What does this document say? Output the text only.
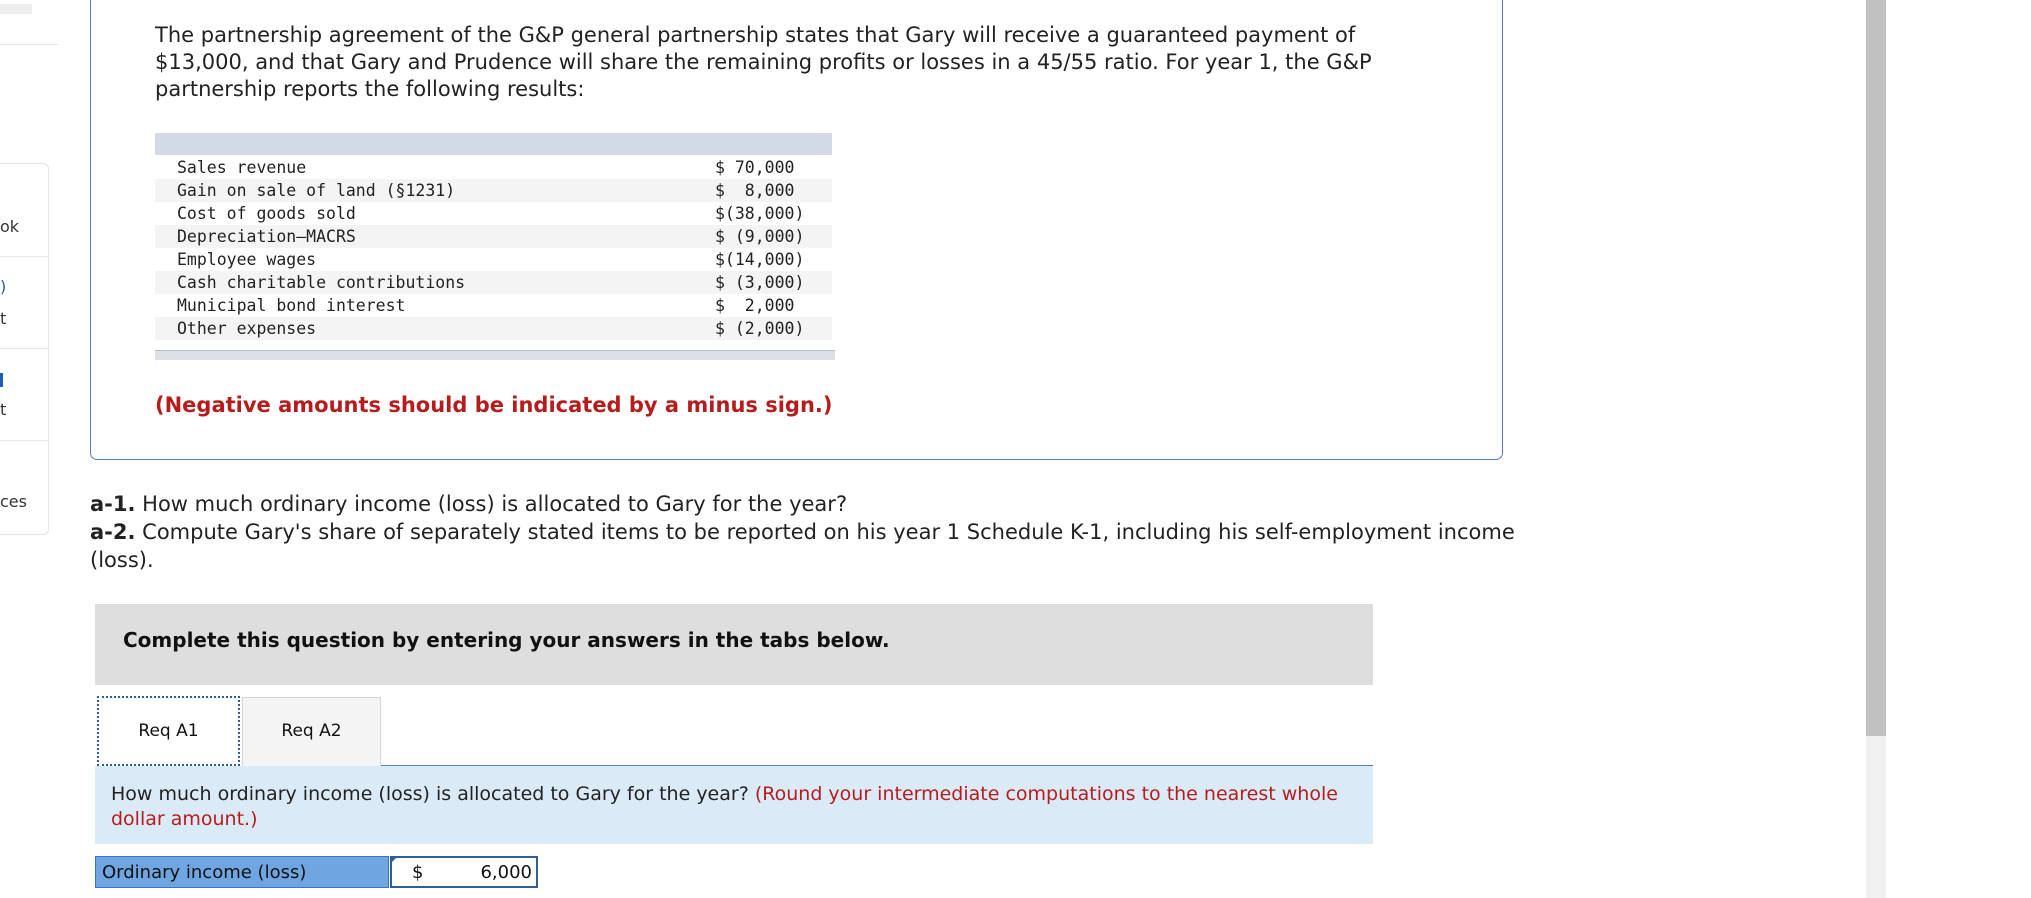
ok
)
t
t
ces
The partnership agreement of the G&P general partnership states that Gary will receive a guaranteed payment of $13,000, and that Gary and Prudence will share the remaining profits or losses in a 45/55 ratio. For year 1, the G&P partnership reports the following results:
Sales revenue	$ 70,000
Gain on sale of land (§1231)	$  8,000
Cost of goods sold	$(38,000)
Depreciation—MACRS	$ (9,000)
Employee wages	$(14,000)
Cash charitable contributions	$ (3,000)
Municipal bond interest	$  2,000
Other expenses	$ (2,000)
(Negative amounts should be indicated by a minus sign.)
a-1. How much ordinary income (loss) is allocated to Gary for the year?
a-2. Compute Gary's share of separately stated items to be reported on his year 1 Schedule K-1, including his self-employment income (loss).
Complete this question by entering your answers in the tabs below.
Req A1	Req A2
How much ordinary income (loss) is allocated to Gary for the year? (Round your intermediate computations to the nearest whole dollar amount.)
Ordinary income (loss)	$	6,000
